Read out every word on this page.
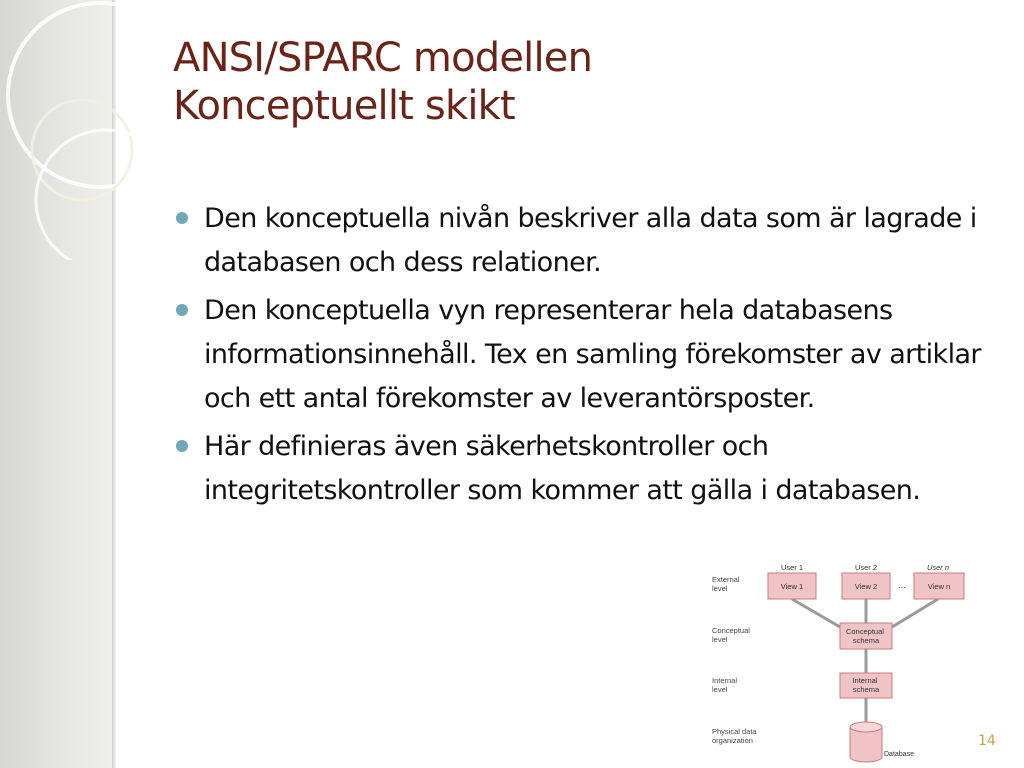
ANSI/SPARC modellen
Konceptuellt skikt
Den konceptuella nivån beskriver alla data som är lagrade i databasen och dess relationer.
Den konceptuella vyn representerar hela databasens informationsinnehåll. Tex en samling förekomster av artiklar och ett antal förekomster av leverantörsposter.
Här definieras även säkerhetskontroller och integritetskontroller som kommer att gälla i databasen.
External level
Conceptual level
Internal level
Physical data organization
User 1	User 2	User n
View 1	View 2 ...	View n
Conceptual schema
Internal schema
Database
14
